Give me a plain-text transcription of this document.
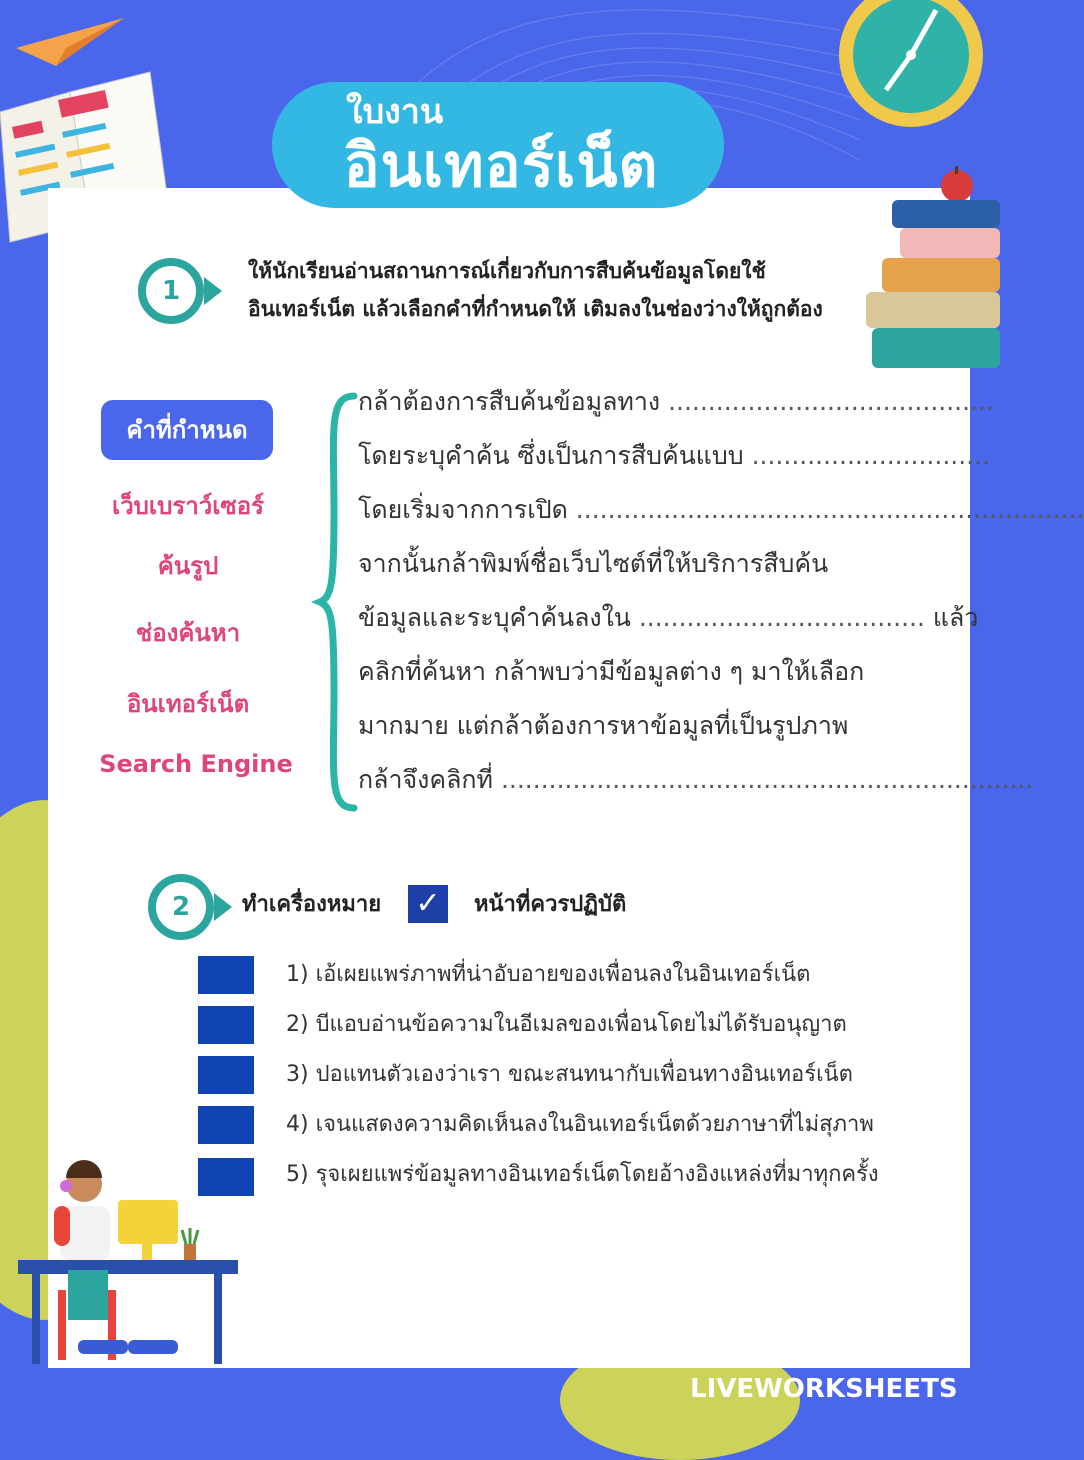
ใบงาน
อินเทอร์เน็ต
1
ให้นักเรียนอ่านสถานการณ์เกี่ยวกับการสืบค้นข้อมูลโดยใช้
อินเทอร์เน็ต แล้วเลือกคำที่กำหนดให้ เติมลงในช่องว่างให้ถูกต้อง
คำที่กำหนด
เว็บเบราว์เซอร์
ค้นรูป
ช่องค้นหา
อินเทอร์เน็ต
Search Engine
กล้าต้องการสืบค้นข้อมูลทาง .........................................
โดยระบุคำค้น ซึ่งเป็นการสืบค้นแบบ ..............................
โดยเริ่มจากการเปิด ................................................................
จากนั้นกล้าพิมพ์ชื่อเว็บไซต์ที่ให้บริการสืบค้น
ข้อมูลและระบุคำค้นลงใน .................................... แล้ว
คลิกที่ค้นหา กล้าพบว่ามีข้อมูลต่าง ๆ มาให้เลือก
มากมาย แต่กล้าต้องการหาข้อมูลที่เป็นรูปภาพ
กล้าจึงคลิกที่ ...................................................................
2	ทำเครื่องหมาย	✓	หน้าที่ควรปฏิบัติ
1) เอ้เผยแพร่ภาพที่น่าอับอายของเพื่อนลงในอินเทอร์เน็ต
2) บีแอบอ่านข้อความในอีเมลของเพื่อนโดยไม่ได้รับอนุญาต
3) ปอแทนตัวเองว่าเรา ขณะสนทนากับเพื่อนทางอินเทอร์เน็ต
4) เจนแสดงความคิดเห็นลงในอินเทอร์เน็ตด้วยภาษาที่ไม่สุภาพ
5) รุจเผยแพร่ข้อมูลทางอินเทอร์เน็ตโดยอ้างอิงแหล่งที่มาทุกครั้ง
LIVEWORKSHEETS
